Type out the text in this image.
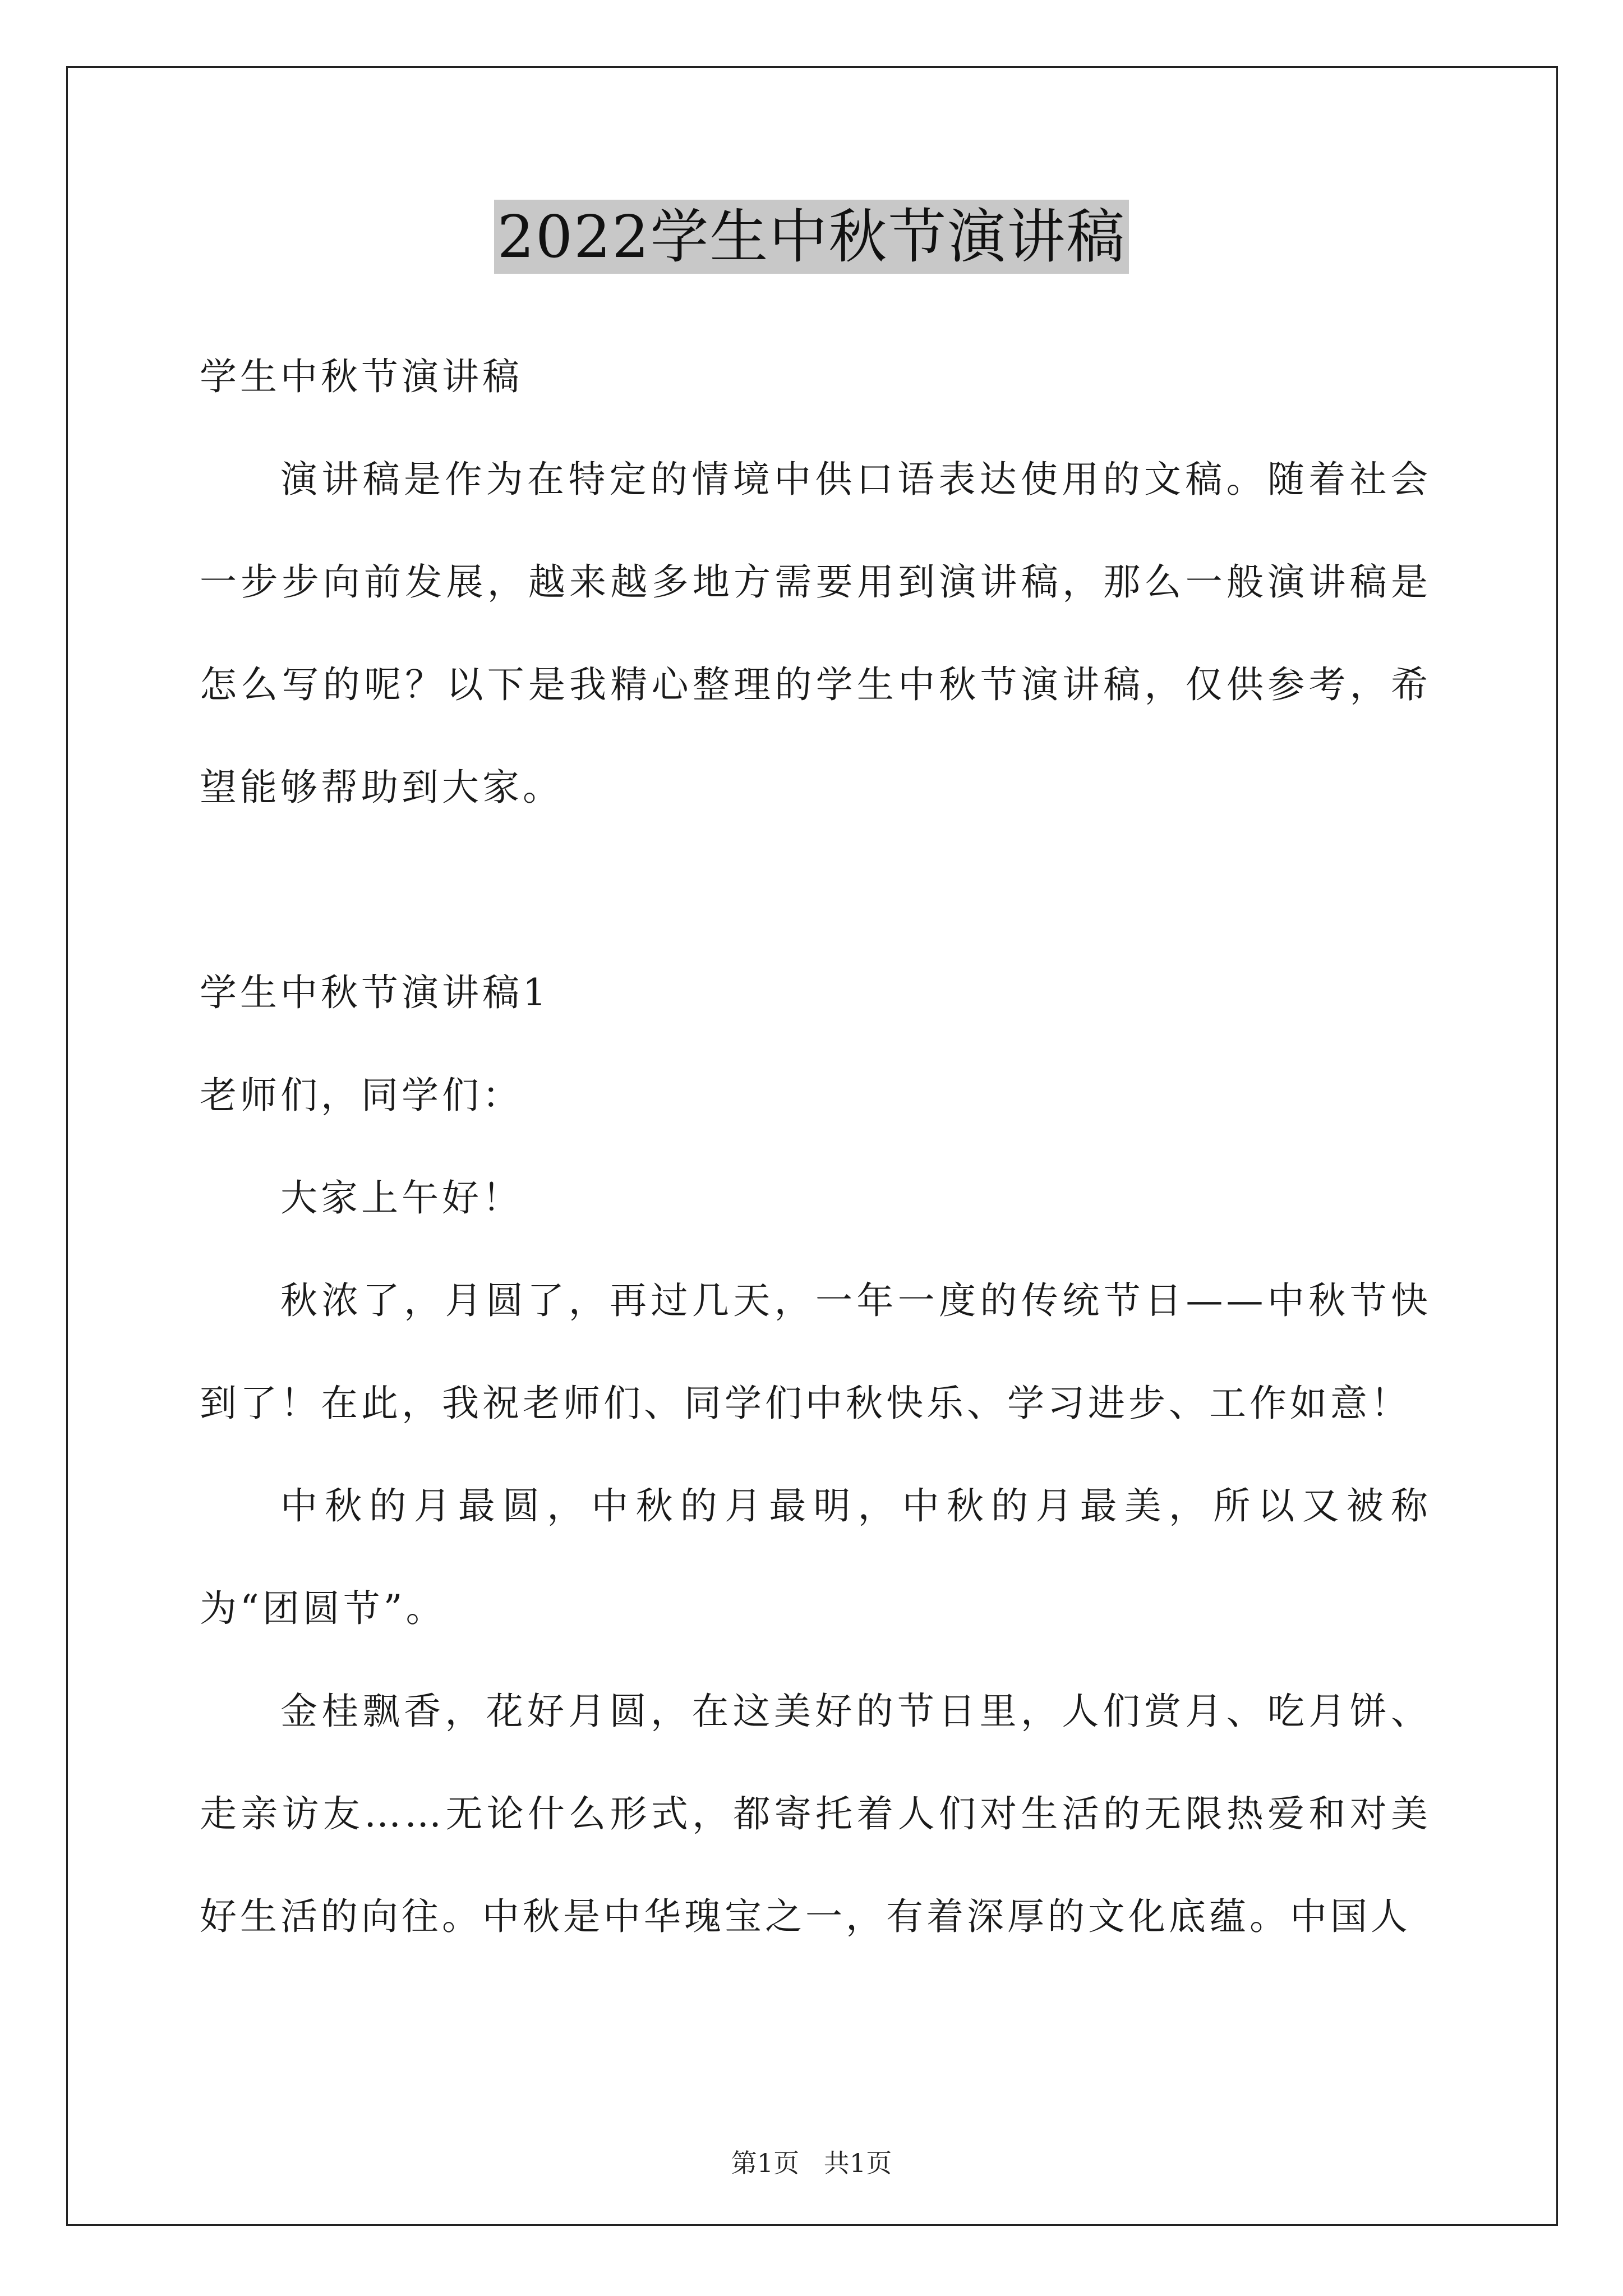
2022学生中秋节演讲稿

学生中秋节演讲稿

演讲稿是作为在特定的情境中供口语表达使用的文稿。随着社会一步步向前发展，越来越多地方需要用到演讲稿，那么一般演讲稿是怎么写的呢？以下是我精心整理的学生中秋节演讲稿，仅供参考，希望能够帮助到大家。

学生中秋节演讲稿1

老师们，同学们：

大家上午好！

秋浓了，月圆了，再过几天，一年一度的传统节日——中秋节快到了！在此，我祝老师们、同学们中秋快乐、学习进步、工作如意！

中秋的月最圆，中秋的月最明，中秋的月最美，所以又被称为“团圆节”。

金桂飘香，花好月圆，在这美好的节日里，人们赏月、吃月饼、走亲访友……无论什么形式，都寄托着人们对生活的无限热爱和对美好生活的向往。中秋是中华瑰宝之一，有着深厚的文化底蕴。中国人

第1页   共1页
